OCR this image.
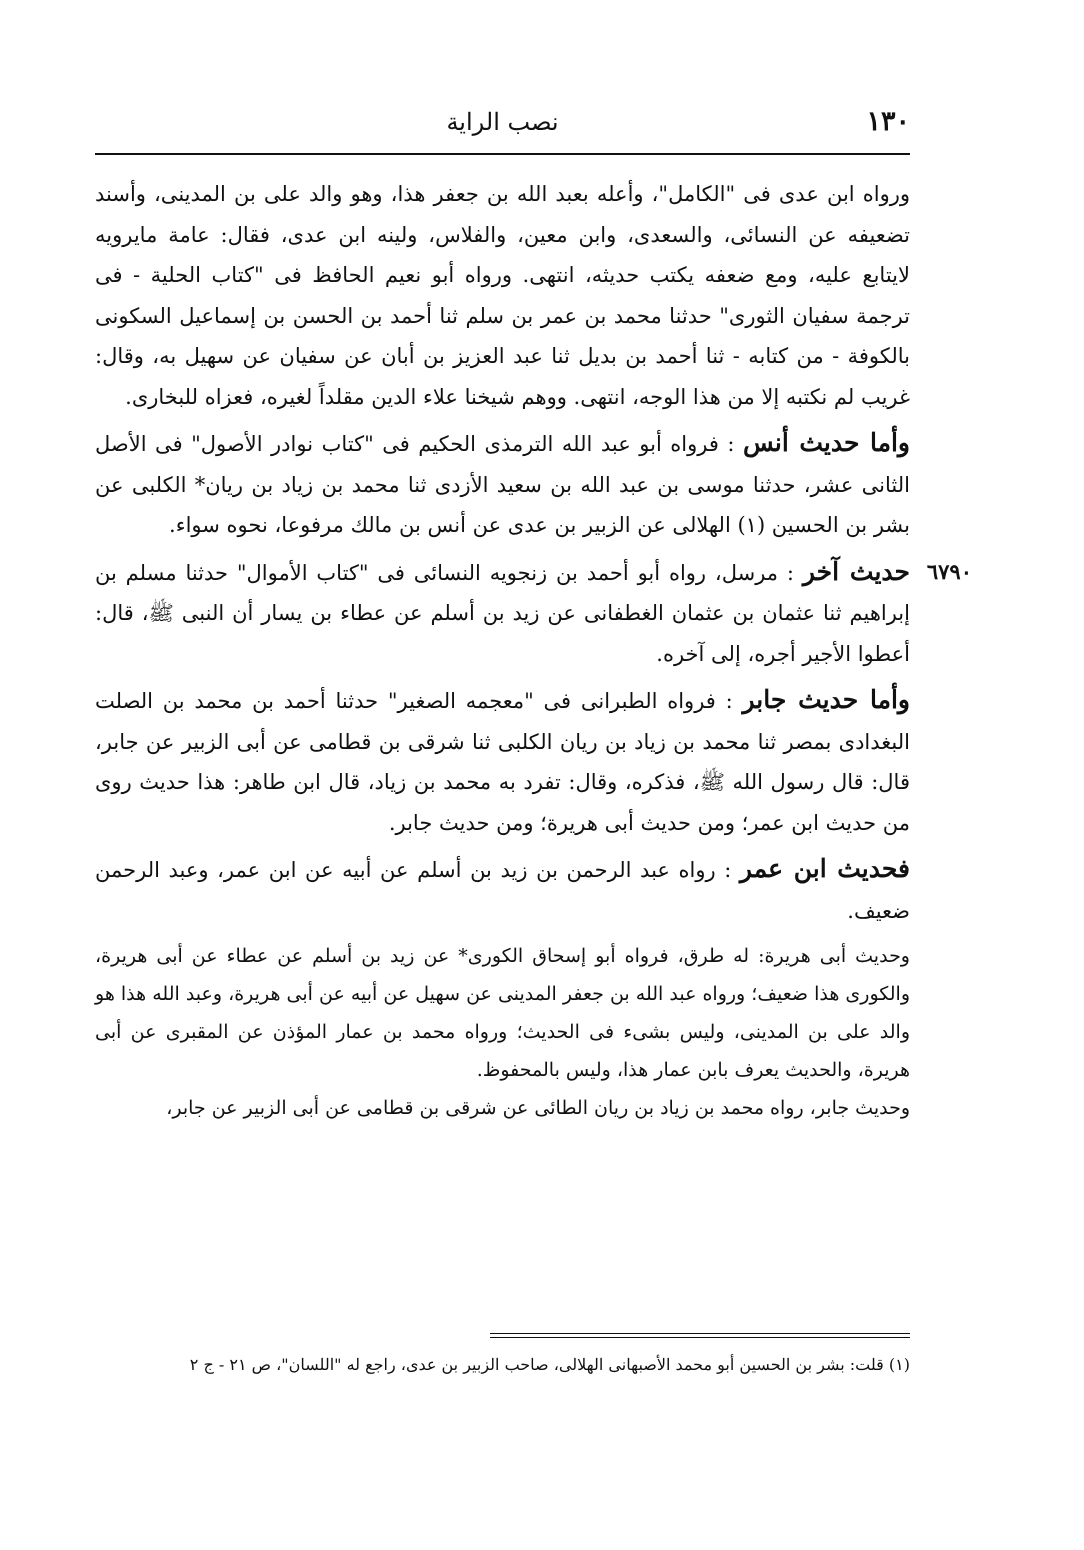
١٣٠
نصب الراية

ورواه ابن عدى فى "الكامل"، وأعله بعبد الله بن جعفر هذا، وهو والد على بن المدينى، وأسند تضعيفه عن النسائى، والسعدى، وابن معين، والفلاس، ولينه ابن عدى، فقال: عامة مايرويه لايتابع عليه، ومع ضعفه يكتب حديثه، انتهى. ورواه أبو نعيم الحافظ فى "كتاب الحلية - فى ترجمة سفيان الثورى" حدثنا محمد بن عمر بن سلم ثنا أحمد بن الحسن بن إسماعيل السكونى بالكوفة - من كتابه - ثنا أحمد بن بديل ثنا عبد العزيز بن أبان عن سفيان عن سهيل به، وقال: غريب لم نكتبه إلا من هذا الوجه، انتهى. ووهم شيخنا علاء الدين مقلداً لغيره، فعزاه للبخارى.

وأما حديث أنس : فرواه أبو عبد الله الترمذى الحكيم فى "كتاب نوادر الأصول" فى الأصل الثانى عشر، حدثنا موسى بن عبد الله بن سعيد الأزدى ثنا محمد بن زياد بن ريان* الكلبى عن بشر بن الحسين (١) الهلالى عن الزبير بن عدى عن أنس بن مالك مرفوعا، نحوه سواء.

٦٧٩٠
حديث آخر : مرسل، رواه أبو أحمد بن زنجويه النسائى فى "كتاب الأموال" حدثنا مسلم بن إبراهيم ثنا عثمان بن عثمان الغطفانى عن زيد بن أسلم عن عطاء بن يسار أن النبى ﷺ، قال: أعطوا الأجير أجره، إلى آخره.

وأما حديث جابر : فرواه الطبرانى فى "معجمه الصغير" حدثنا أحمد بن محمد بن الصلت البغدادى بمصر ثنا محمد بن زياد بن ريان الكلبى ثنا شرقى بن قطامى عن أبى الزبير عن جابر، قال: قال رسول الله ﷺ، فذكره، وقال: تفرد به محمد بن زياد، قال ابن طاهر: هذا حديث روى من حديث ابن عمر؛ ومن حديث أبى هريرة؛ ومن حديث جابر.

فحديث ابن عمر : رواه عبد الرحمن بن زيد بن أسلم عن أبيه عن ابن عمر، وعبد الرحمن ضعيف.

وحديث أبى هريرة: له طرق، فرواه أبو إسحاق الكورى* عن زيد بن أسلم عن عطاء عن أبى هريرة، والكورى هذا ضعيف؛ ورواه عبد الله بن جعفر المدينى عن سهيل عن أبيه عن أبى هريرة، وعبد الله هذا هو والد على بن المدينى، وليس بشىء فى الحديث؛ ورواه محمد بن عمار المؤذن عن المقبرى عن أبى هريرة، والحديث يعرف بابن عمار هذا، وليس بالمحفوظ.

وحديث جابر، رواه محمد بن زياد بن ريان الطائى عن شرقى بن قطامى عن أبى الزبير عن جابر،

(١) قلت: بشر بن الحسين أبو محمد الأصبهانى الهلالى، صاحب الزبير بن عدى، راجع له "اللسان"، ص ٢١ - ج ٢
